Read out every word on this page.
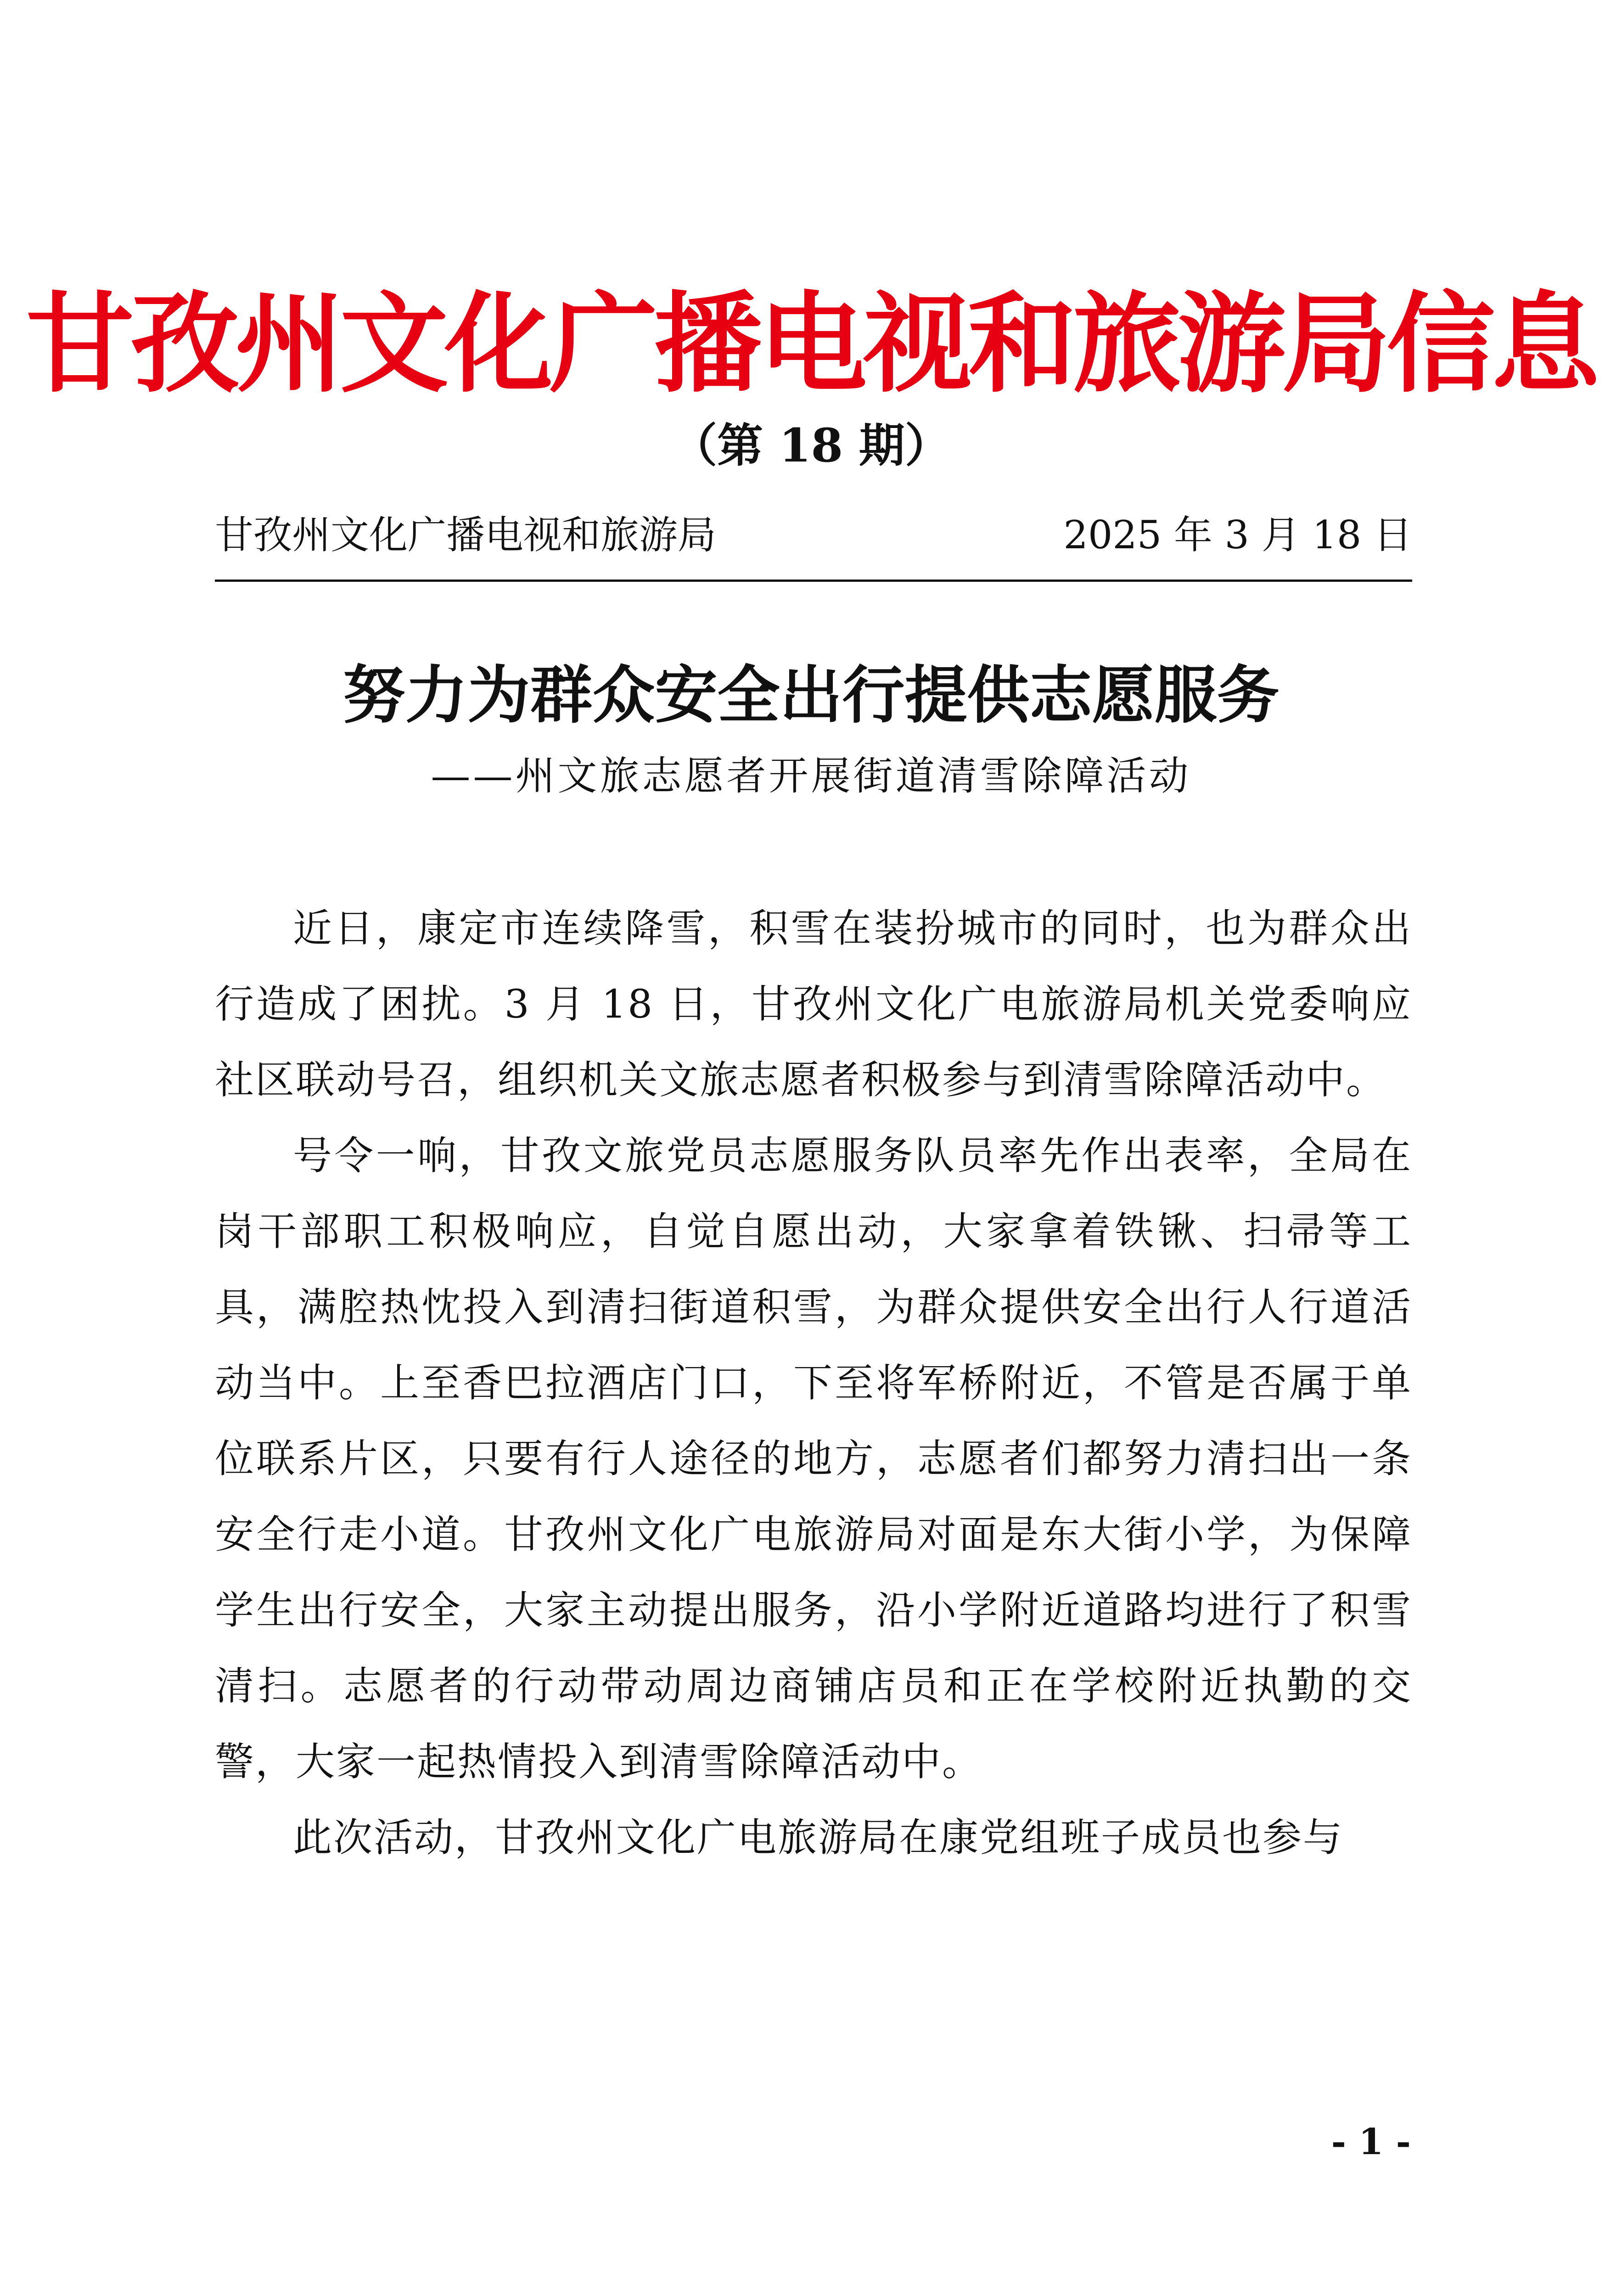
甘孜州文化广播电视和旅游局信息
（第 18 期）
甘孜州文化广播电视和旅游局	2025 年 3 月 18 日
努力为群众安全出行提供志愿服务
——州文旅志愿者开展街道清雪除障活动

近日，康定市连续降雪，积雪在装扮城市的同时，也为群众出行造成了困扰。3 月 18 日，甘孜州文化广电旅游局机关党委响应社区联动号召，组织机关文旅志愿者积极参与到清雪除障活动中。

号令一响，甘孜文旅党员志愿服务队员率先作出表率，全局在岗干部职工积极响应，自觉自愿出动，大家拿着铁锹、扫帚等工具，满腔热忱投入到清扫街道积雪，为群众提供安全出行人行道活动当中。上至香巴拉酒店门口，下至将军桥附近，不管是否属于单位联系片区，只要有行人途径的地方，志愿者们都努力清扫出一条安全行走小道。甘孜州文化广电旅游局对面是东大街小学，为保障学生出行安全，大家主动提出服务，沿小学附近道路均进行了积雪清扫。志愿者的行动带动周边商铺店员和正在学校附近执勤的交警，大家一起热情投入到清雪除障活动中。

此次活动，甘孜州文化广电旅游局在康党组班子成员也参与

- 1 -
